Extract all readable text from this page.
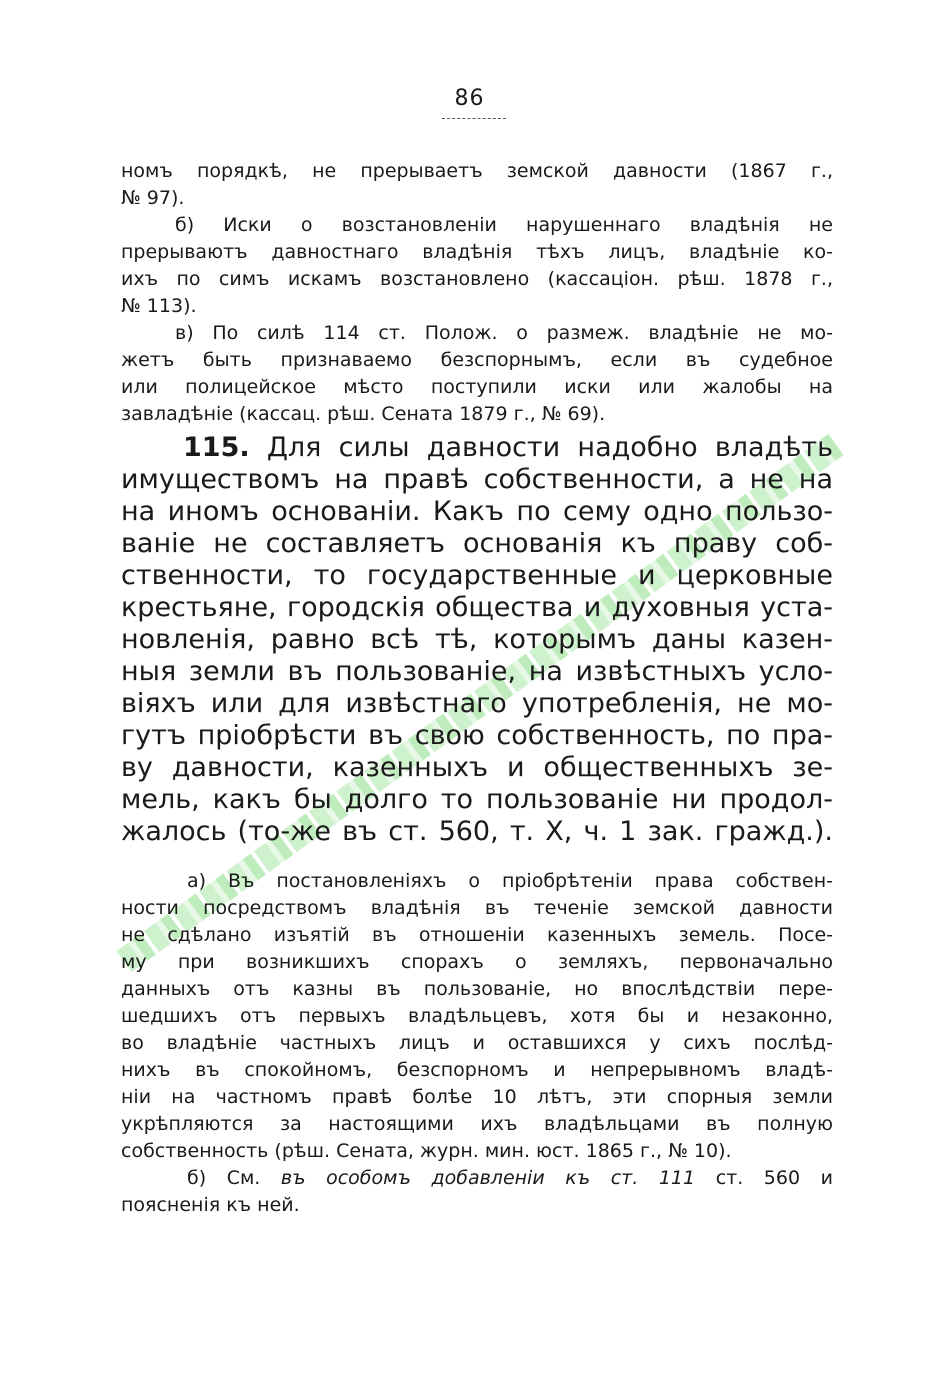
86
номъ порядкѣ, не прерываетъ земской давности (1867 г.,
№ 97).
б) Иски о возстановленіи нарушеннаго владѣнія не
прерываютъ давностнаго владѣнія тѣхъ лицъ, владѣніе ко-
ихъ по симъ искамъ возстановлено (кассаціон. рѣш. 1878 г.,
№ 113).
в) По силѣ 114 ст. Полож. о размеж. владѣніе не мо-
жетъ быть признаваемо безспорнымъ, если въ судебное
или полицейское мѣсто поступили иски или жалобы на
завладѣніе (кассац. рѣш. Сената 1879 г., № 69).
115. Для силы давности надобно владѣть
имуществомъ на правѣ собственности, а не на
на иномъ основаніи. Какъ по сему одно пользо-
ваніе не составляетъ основанія къ праву соб-
ственности, то государственные и церковные
крестьяне, городскія общества и духовныя уста-
новленія, равно всѣ тѣ, которымъ даны казен-
ныя земли въ пользованіе, на извѣстныхъ усло-
віяхъ или для извѣстнаго употребленія, не мо-
гутъ пріобрѣсти въ свою собственность, по пра-
ву давности, казенныхъ и общественныхъ зе-
мель, какъ бы долго то пользованіе ни продол-
жалось (то-же въ ст. 560, т. X, ч. 1 зак. гражд.).
а) Въ постановленіяхъ о пріобрѣтеніи права собствен-
ности посредствомъ владѣнія въ теченіе земской давности
не сдѣлано изъятій въ отношеніи казенныхъ земель. Посе-
му при возникшихъ спорахъ о земляхъ, первоначально
данныхъ отъ казны въ пользованіе, но впослѣдствіи пере-
шедшихъ отъ первыхъ владѣльцевъ, хотя бы и незаконно,
во владѣніе частныхъ лицъ и оставшихся у сихъ послѣд-
нихъ въ спокойномъ, безспорномъ и непрерывномъ владѣ-
ніи на частномъ правѣ болѣе 10 лѣтъ, эти спорныя земли
укрѣпляются за настоящими ихъ владѣльцами въ полную
собственность (рѣш. Сената, журн. мин. юст. 1865 г., № 10).
б) См. въ особомъ добавленіи къ ст. 111 ст. 560 и
поясненія къ ней.
